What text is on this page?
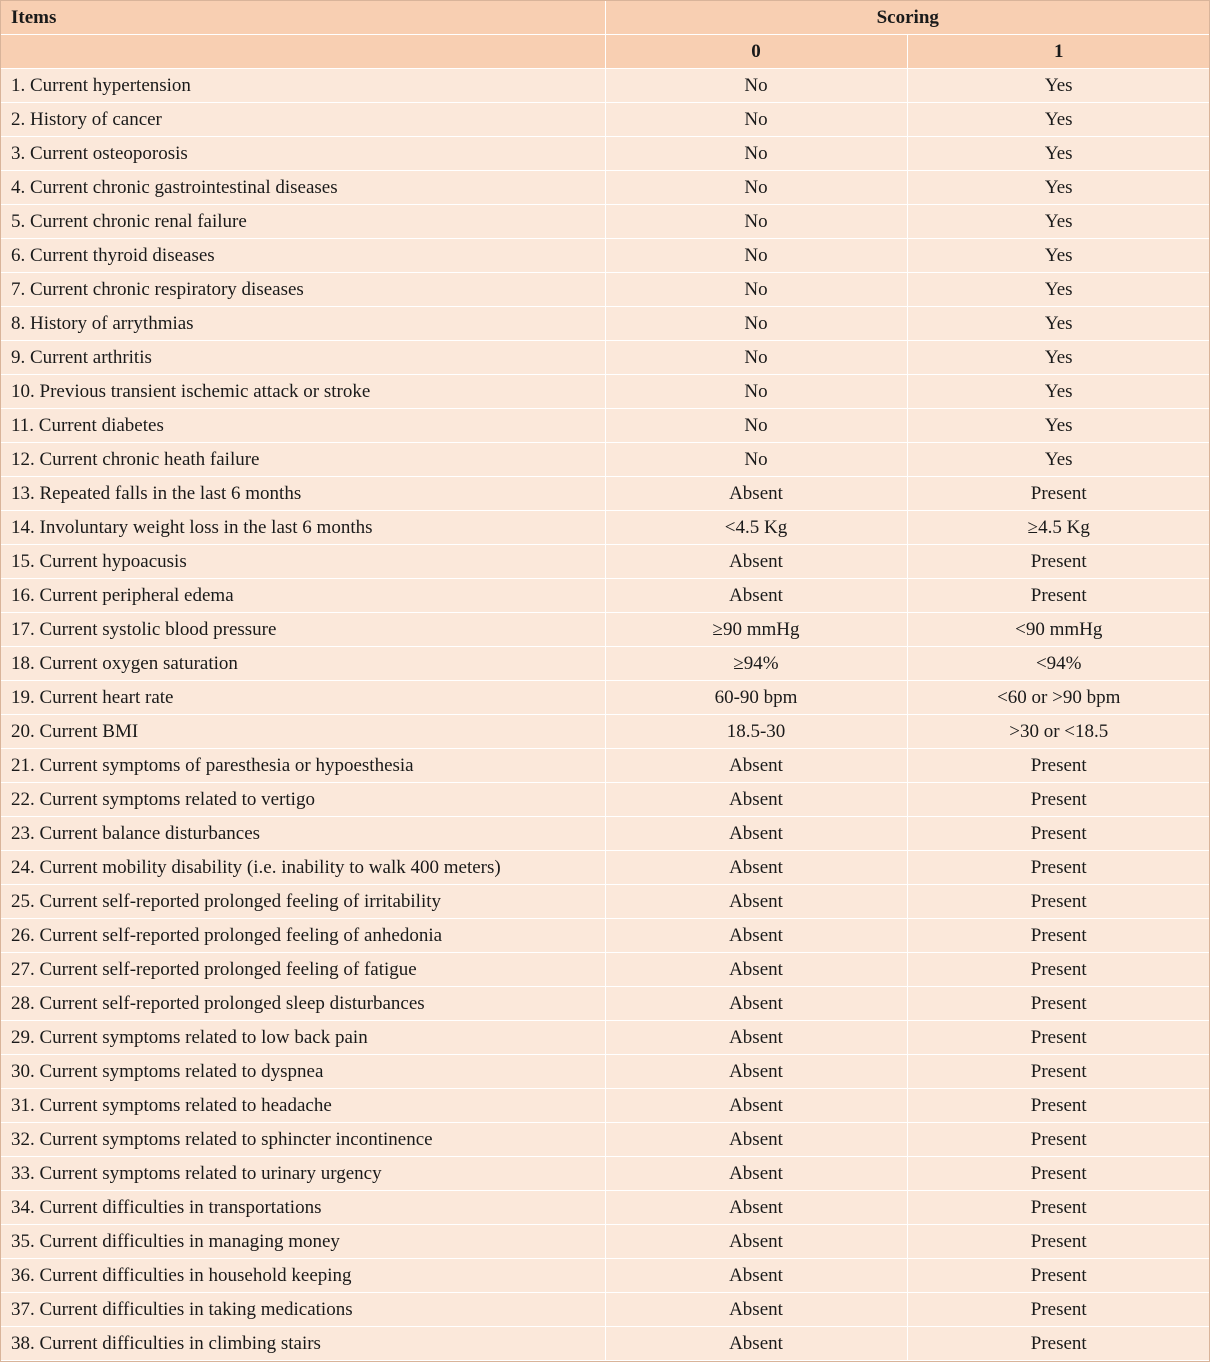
Items	Scoring	
	0	1
1. Current hypertension	No	Yes
2. History of cancer	No	Yes
3. Current osteoporosis	No	Yes
4. Current chronic gastrointestinal diseases	No	Yes
5. Current chronic renal failure	No	Yes
6. Current thyroid diseases	No	Yes
7. Current chronic respiratory diseases	No	Yes
8. History of arrythmias	No	Yes
9. Current arthritis	No	Yes
10. Previous transient ischemic attack or stroke	No	Yes
11. Current diabetes	No	Yes
12. Current chronic heath failure	No	Yes
13. Repeated falls in the last 6 months	Absent	Present
14. Involuntary weight loss in the last 6 months	<4.5 Kg	≥4.5 Kg
15. Current hypoacusis	Absent	Present
16. Current peripheral edema	Absent	Present
17. Current systolic blood pressure	≥90 mmHg	<90 mmHg
18. Current oxygen saturation	≥94%	<94%
19. Current heart rate	60-90 bpm	<60 or >90 bpm
20. Current BMI	18.5-30	>30 or <18.5
21. Current symptoms of paresthesia or hypoesthesia	Absent	Present
22. Current symptoms related to vertigo	Absent	Present
23. Current balance disturbances	Absent	Present
24. Current mobility disability (i.e. inability to walk 400 meters)	Absent	Present
25. Current self-reported prolonged feeling of irritability	Absent	Present
26. Current self-reported prolonged feeling of anhedonia	Absent	Present
27. Current self-reported prolonged feeling of fatigue	Absent	Present
28. Current self-reported prolonged sleep disturbances	Absent	Present
29. Current symptoms related to low back pain	Absent	Present
30. Current symptoms related to dyspnea	Absent	Present
31. Current symptoms related to headache	Absent	Present
32. Current symptoms related to sphincter incontinence	Absent	Present
33. Current symptoms related to urinary urgency	Absent	Present
34. Current difficulties in transportations	Absent	Present
35. Current difficulties in managing money	Absent	Present
36. Current difficulties in household keeping	Absent	Present
37. Current difficulties in taking medications	Absent	Present
38. Current difficulties in climbing stairs	Absent	Present
